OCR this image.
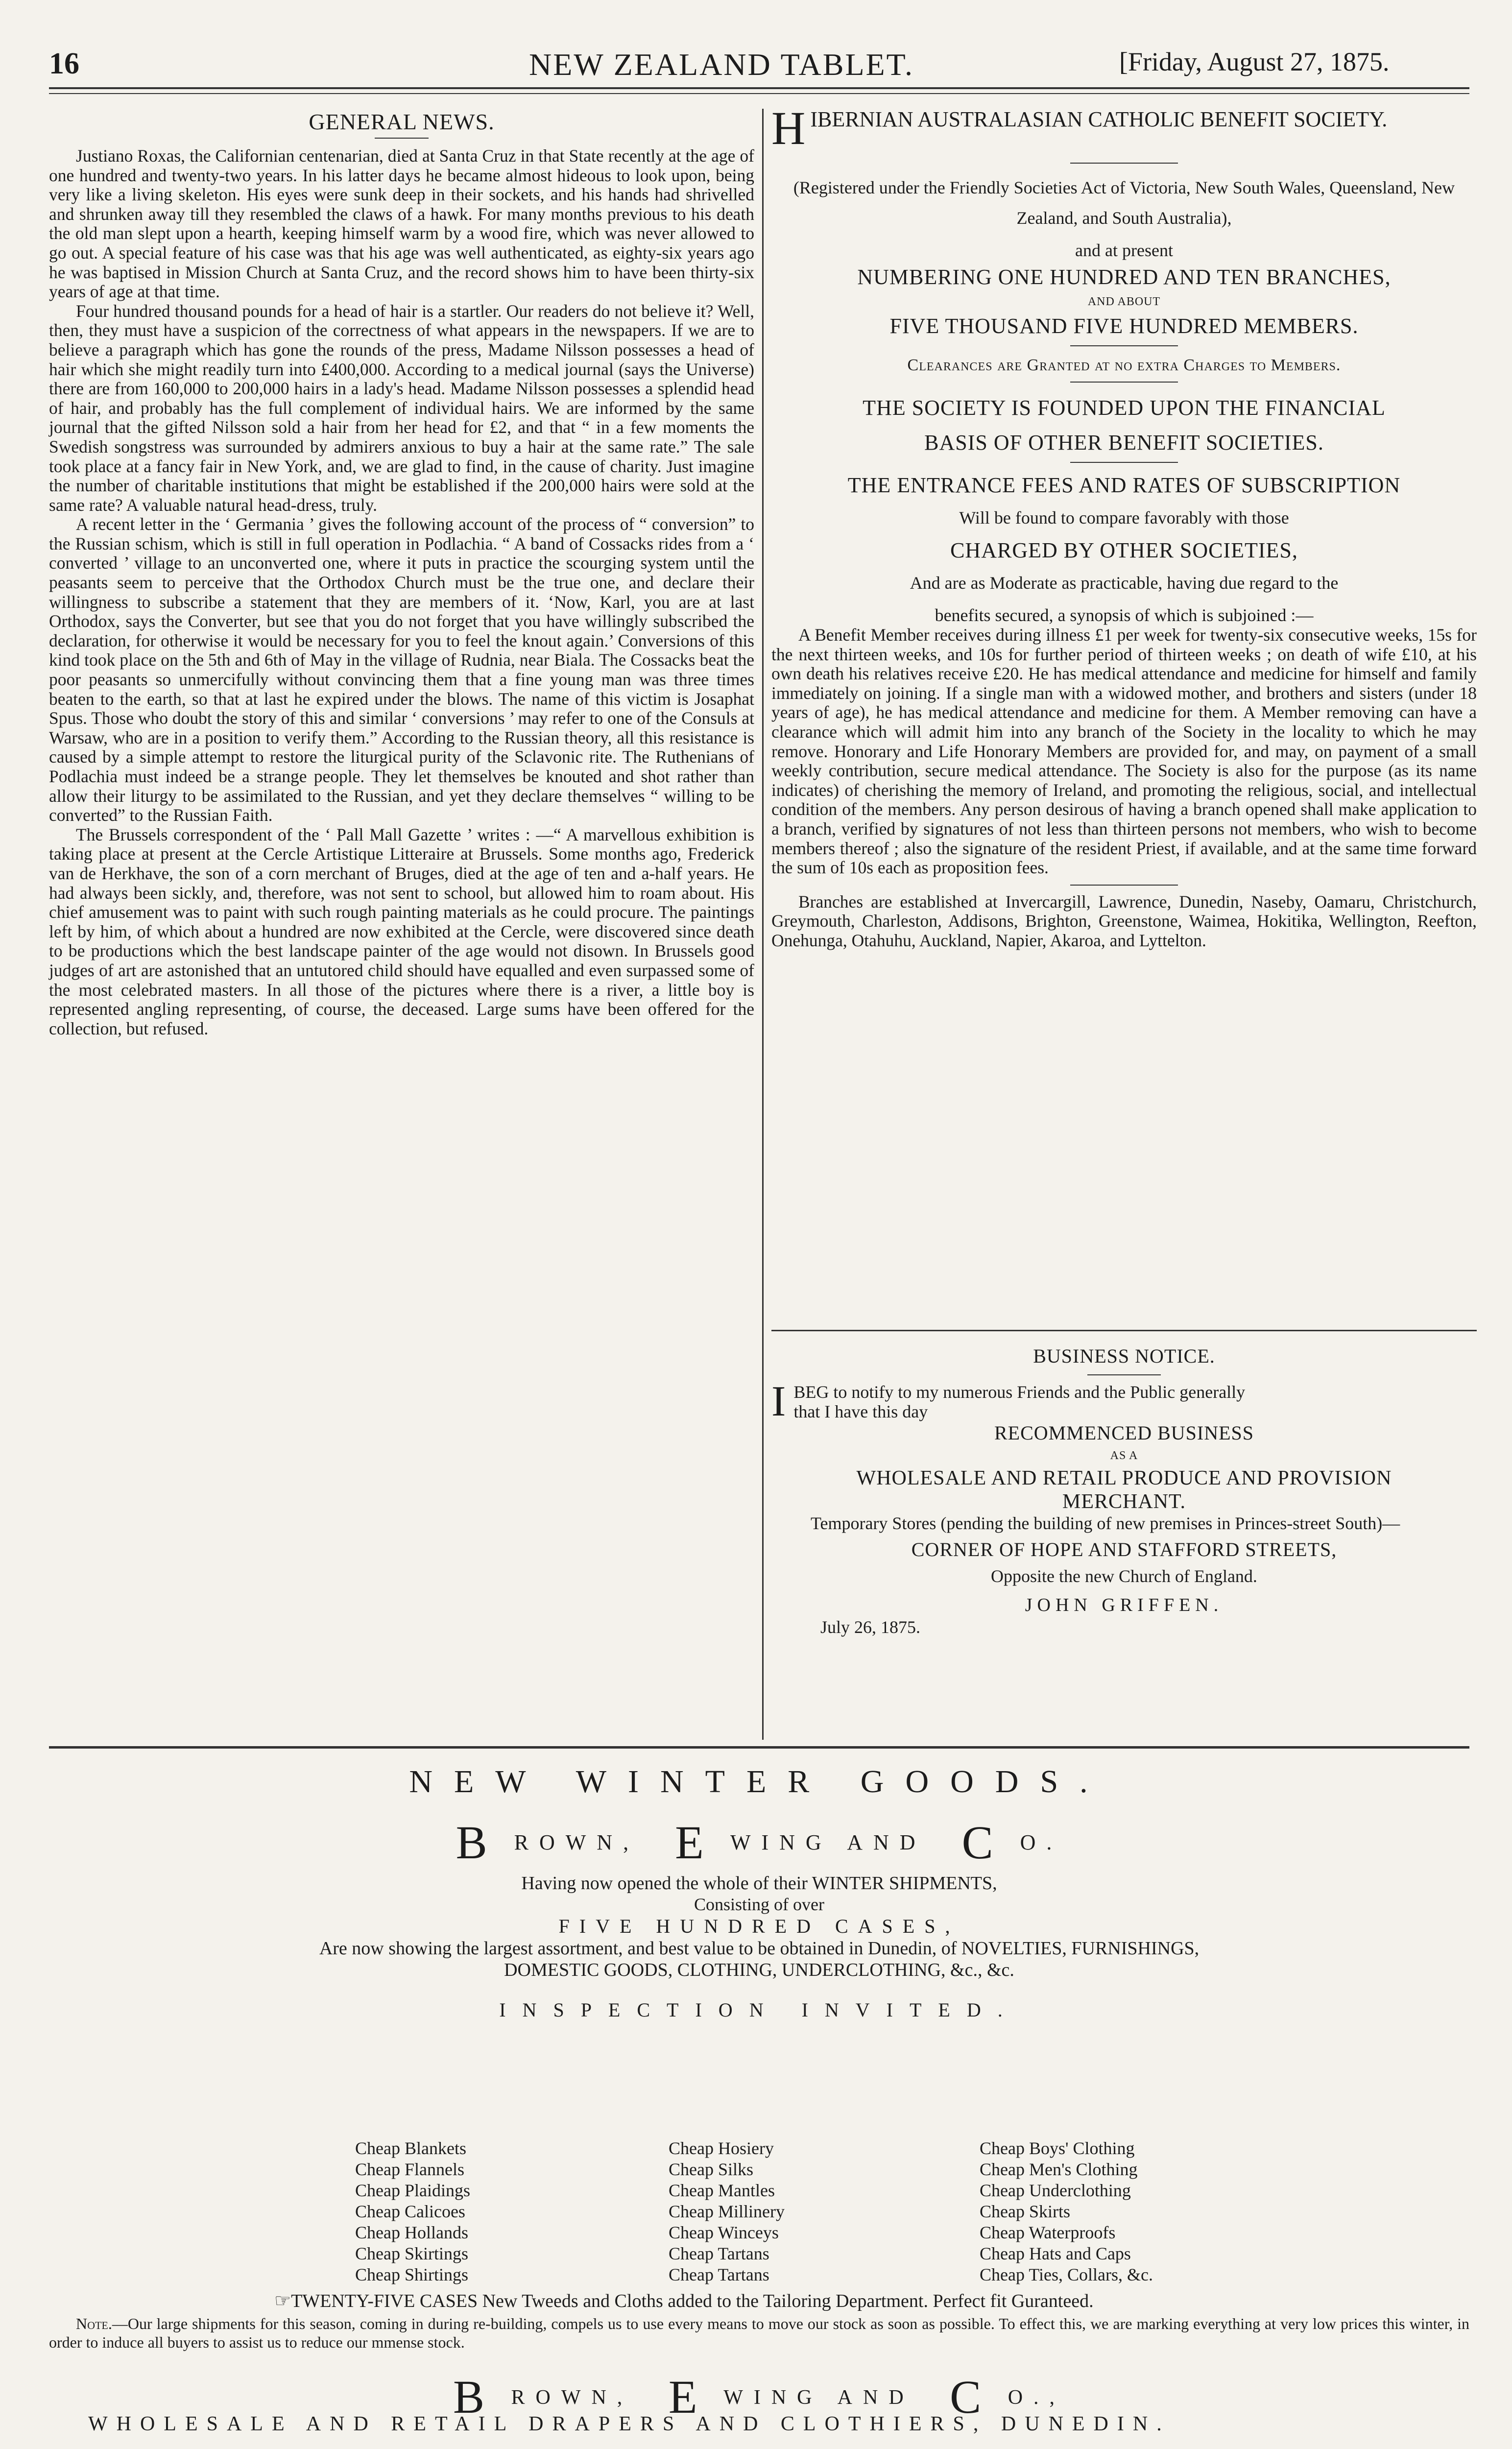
16	NEW ZEALAND TABLET.	[Friday, August 27, 1875.
GENERAL NEWS.

Justiano Roxas, the Californian centenarian, died at Santa Cruz in that State recently at the age of one hundred and twenty-two years. In his latter days he became almost hideous to look upon, being very like a living skeleton. His eyes were sunk deep in their sockets, and his hands had shrivelled and shrunken away till they resembled the claws of a hawk. For many months previous to his death the old man slept upon a hearth, keeping himself warm by a wood fire, which was never allowed to go out. A special feature of his case was that his age was well authenticated, as eighty-six years ago he was baptised in Mission Church at Santa Cruz, and the record shows him to have been thirty-six years of age at that time.

Four hundred thousand pounds for a head of hair is a startler. Our readers do not believe it? Well, then, they must have a suspicion of the correctness of what appears in the newspapers. If we are to believe a paragraph which has gone the rounds of the press, Madame Nilsson possesses a head of hair which she might readily turn into £400,000. According to a medical journal (says the Universe) there are from 160,000 to 200,000 hairs in a lady's head. Madame Nilsson possesses a splendid head of hair, and probably has the full complement of individual hairs. We are informed by the same journal that the gifted Nilsson sold a hair from her head for £2, and that “ in a few moments the Swedish songstress was surrounded by admirers anxious to buy a hair at the same rate.” The sale took place at a fancy fair in New York, and, we are glad to find, in the cause of charity. Just imagine the number of charitable institutions that might be established if the 200,000 hairs were sold at the same rate? A valuable natural head-dress, truly.

A recent letter in the ‘ Germania ’ gives the following account of the process of “ conversion” to the Russian schism, which is still in full operation in Podlachia. “ A band of Cossacks rides from a ‘ converted ’ village to an unconverted one, where it puts in practice the scourging system until the peasants seem to perceive that the Orthodox Church must be the true one, and declare their willingness to subscribe a statement that they are members of it. ‘Now, Karl, you are at last Orthodox, says the Converter, but see that you do not forget that you have willingly subscribed the declaration, for otherwise it would be necessary for you to feel the knout again.’ Conversions of this kind took place on the 5th and 6th of May in the village of Rudnia, near Biala. The Cossacks beat the poor peasants so unmercifully without convincing them that a fine young man was three times beaten to the earth, so that at last he expired under the blows. The name of this victim is Josaphat Spus. Those who doubt the story of this and similar ‘ conversions ’ may refer to one of the Consuls at Warsaw, who are in a position to verify them.” According to the Russian theory, all this resistance is caused by a simple attempt to restore the liturgical purity of the Sclavonic rite. The Ruthenians of Podlachia must indeed be a strange people. They let themselves be knouted and shot rather than allow their liturgy to be assimilated to the Russian, and yet they declare themselves “ willing to be converted” to the Russian Faith.

The Brussels correspondent of the ‘ Pall Mall Gazette ’ writes : —“ A marvellous exhibition is taking place at present at the Cercle Artistique Litteraire at Brussels. Some months ago, Frederick van de Herkhave, the son of a corn merchant of Bruges, died at the age of ten and a-half years. He had always been sickly, and, therefore, was not sent to school, but allowed him to roam about. His chief amusement was to paint with such rough painting materials as he could procure. The paintings left by him, of which about a hundred are now exhibited at the Cercle, were discovered since death to be productions which the best landscape painter of the age would not disown. In Brussels good judges of art are astonished that an untutored child should have equalled and even surpassed some of the most celebrated masters. In all those of the pictures where there is a river, a little boy is represented angling representing, of course, the deceased. Large sums have been offered for the collection, but refused.

H IBERNIAN AUSTRALASIAN CATHOLIC BENEFIT SOCIETY.
(Registered under the Friendly Societies Act of Victoria, New South Wales, Queensland, New Zealand, and South Australia),
and at present
NUMBERING ONE HUNDRED AND TEN BRANCHES,
AND ABOUT
FIVE THOUSAND FIVE HUNDRED MEMBERS.
Clearances are Granted at no extra Charges to Members.
THE SOCIETY IS FOUNDED UPON THE FINANCIAL
BASIS OF OTHER BENEFIT SOCIETIES.
THE ENTRANCE FEES AND RATES OF SUBSCRIPTION
Will be found to compare favorably with those
CHARGED BY OTHER SOCIETIES,
And are as Moderate as practicable, having due regard to the
benefits secured, a synopsis of which is subjoined :—

A Benefit Member receives during illness £1 per week for twenty-six consecutive weeks, 15s for the next thirteen weeks, and 10s for further period of thirteen weeks ; on death of wife £10, at his own death his relatives receive £20. He has medical attendance and medicine for himself and family immediately on joining. If a single man with a widowed mother, and brothers and sisters (under 18 years of age), he has medical attendance and medicine for them. A Member removing can have a clearance which will admit him into any branch of the Society in the locality to which he may remove. Honorary and Life Honorary Members are provided for, and may, on payment of a small weekly contribution, secure medical attendance. The Society is also for the purpose (as its name indicates) of cherishing the memory of Ireland, and promoting the religious, social, and intellectual condition of the members. Any person desirous of having a branch opened shall make application to a branch, verified by signatures of not less than thirteen persons not members, who wish to become members thereof ; also the signature of the resident Priest, if available, and at the same time forward the sum of 10s each as proposition fees.

Branches are established at Invercargill, Lawrence, Dunedin, Naseby, Oamaru, Christchurch, Greymouth, Charleston, Addisons, Brighton, Greenstone, Waimea, Hokitika, Wellington, Reefton, Onehunga, Otahuhu, Auckland, Napier, Akaroa, and Lyttelton.

BUSINESS NOTICE.
I BEG to notify to my numerous Friends and the Public generally
that I have this day
RECOMMENCED BUSINESS
AS A
WHOLESALE AND RETAIL PRODUCE AND PROVISION
MERCHANT.
Temporary Stores (pending the building of new premises in Princes-street South)—
CORNER OF HOPE AND STAFFORD STREETS,
Opposite the new Church of England.
JOHN GRIFFEN.
July 26, 1875.
NEW WINTER GOODS.
B ROWN, E WING AND C O.
Having now opened the whole of their WINTER SHIPMENTS,
Consisting of over
FIVE HUNDRED CASES,
Are now showing the largest assortment, and best value to be obtained in Dunedin, of NOVELTIES, FURNISHINGS,
DOMESTIC GOODS, CLOTHING, UNDERCLOTHING, &c., &c.
INSPECTION INVITED.
Cheap Blankets
Cheap Flannels
Cheap Plaidings
Cheap Calicoes
Cheap Hollands
Cheap Skirtings
Cheap Shirtings
Cheap Hosiery
Cheap Silks
Cheap Mantles
Cheap Millinery
Cheap Winceys
Cheap Tartans
Cheap Tartans
Cheap Boys' Clothing
Cheap Men's Clothing
Cheap Underclothing
Cheap Skirts
Cheap Waterproofs
Cheap Hats and Caps
Cheap Ties, Collars, &c.
☞TWENTY-FIVE CASES New Tweeds and Cloths added to the Tailoring Department. Perfect fit Guranteed.
Note.—Our large shipments for this season, coming in during re-building, compels us to use every means to move our stock as soon as possible. To effect this, we are marking everything at very low prices this winter, in order to induce all buyers to assist us to reduce our mmense stock.
B ROWN, E WING AND C O.,
WHOLESALE AND RETAIL DRAPERS AND CLOTHIERS, DUNEDIN.
